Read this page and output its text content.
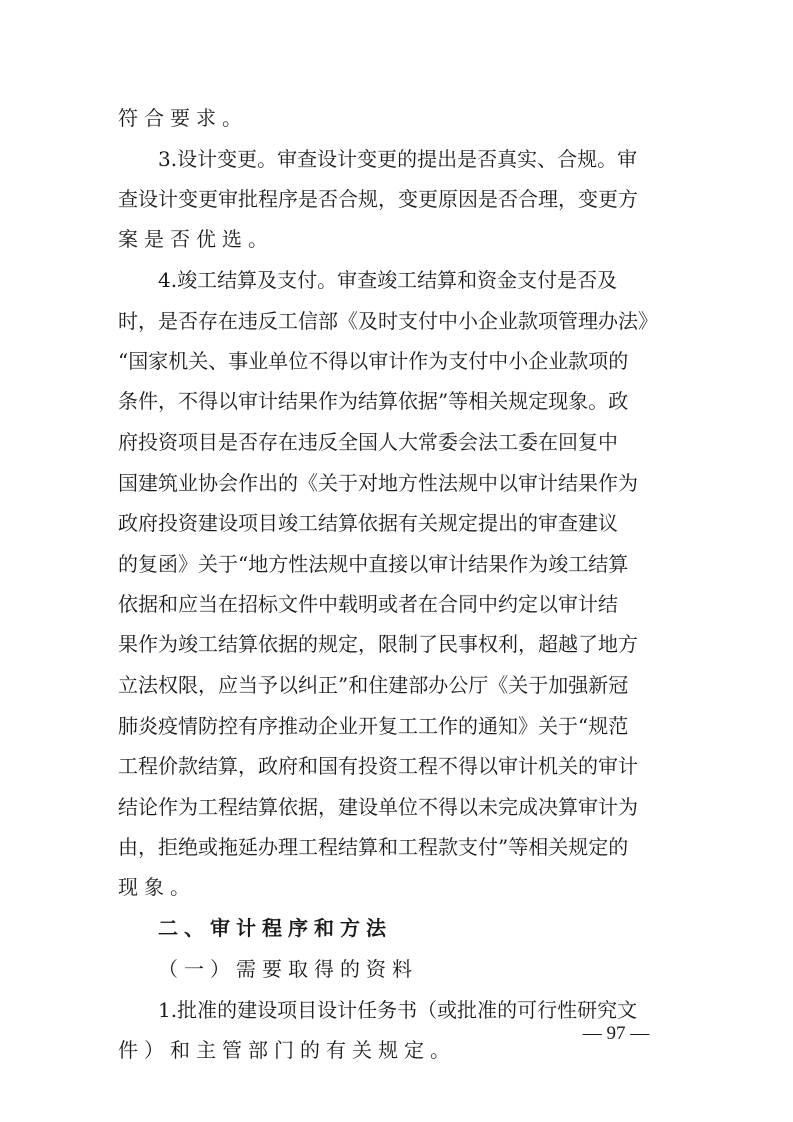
符合要求。
3.设计变更。审查设计变更的提出是否真实、合规。审
查设计变更审批程序是否合规，变更原因是否合理，变更方
案是否优选。
4.竣工结算及支付。审查竣工结算和资金支付是否及
时，是否存在违反工信部《及时支付中小企业款项管理办法》
“国家机关、事业单位不得以审计作为支付中小企业款项的
条件，不得以审计结果作为结算依据”等相关规定现象。政
府投资项目是否存在违反全国人大常委会法工委在回复中
国建筑业协会作出的《关于对地方性法规中以审计结果作为
政府投资建设项目竣工结算依据有关规定提出的审查建议
的复函》关于“地方性法规中直接以审计结果作为竣工结算
依据和应当在招标文件中载明或者在合同中约定以审计结
果作为竣工结算依据的规定，限制了民事权利，超越了地方
立法权限，应当予以纠正”和住建部办公厅《关于加强新冠
肺炎疫情防控有序推动企业开复工工作的通知》关于“规范
工程价款结算，政府和国有投资工程不得以审计机关的审计
结论作为工程结算依据，建设单位不得以未完成决算审计为
由，拒绝或拖延办理工程结算和工程款支付”等相关规定的
现象。
二、审计程序和方法
（一）需要取得的资料
1.批准的建设项目设计任务书（或批准的可行性研究文
件）和主管部门的有关规定。
— 97 —
